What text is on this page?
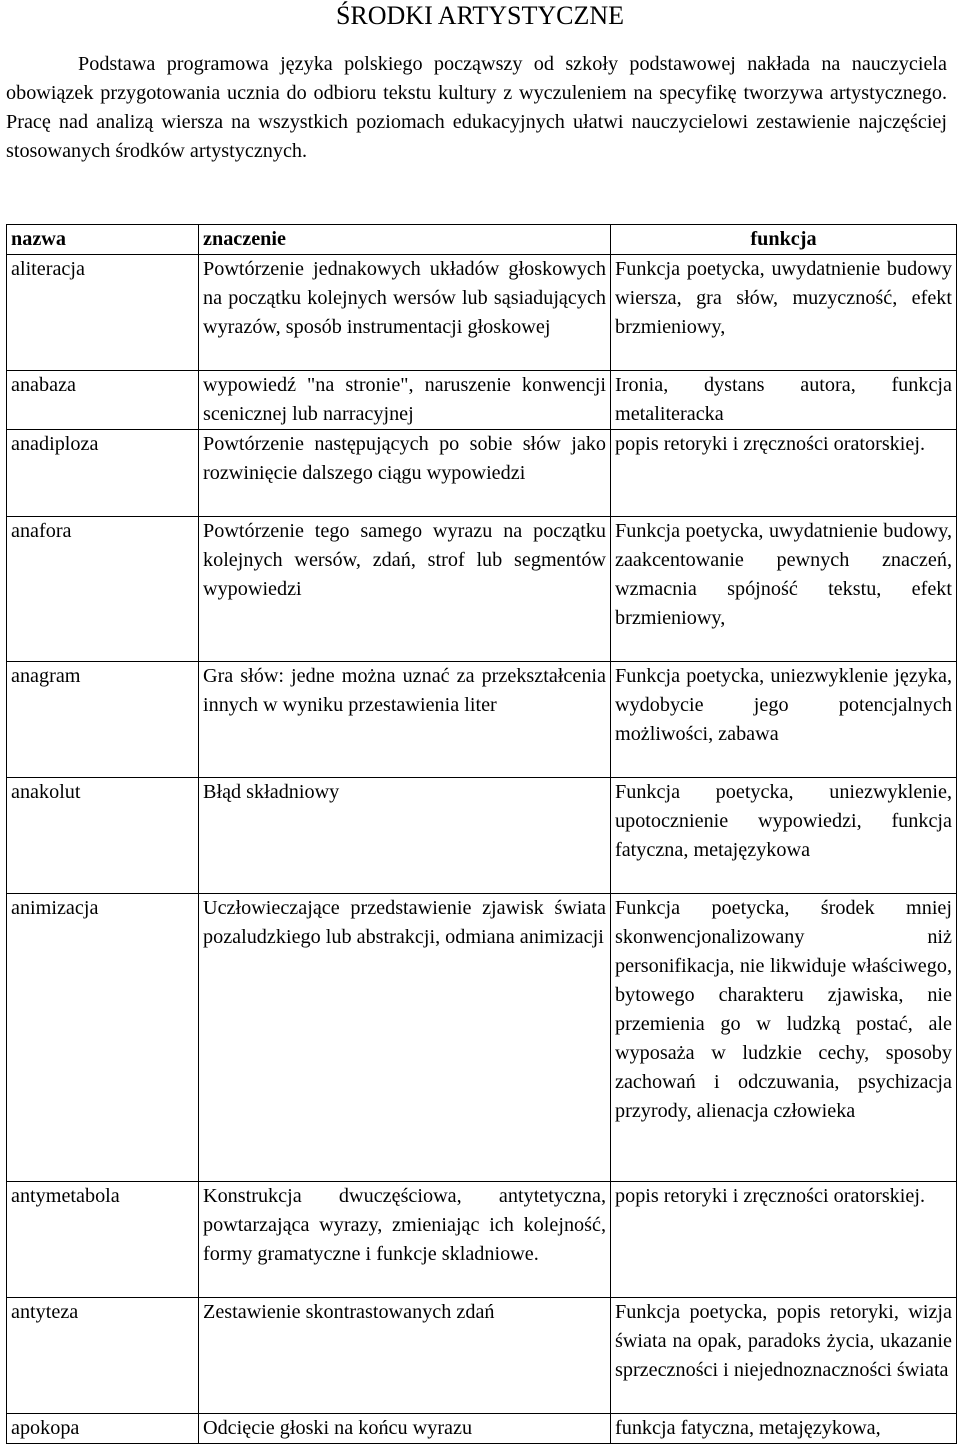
ŚRODKI ARTYSTYCZNE

Podstawa programowa języka polskiego począwszy od szkoły podstawowej nakłada na nauczyciela obowiązek przygotowania ucznia do odbioru tekstu kultury z wyczuleniem na specyfikę tworzywa artystycznego. Pracę nad analizą wiersza na wszystkich poziomach edukacyjnych ułatwi nauczycielowi zestawienie najczęściej stosowanych środków artystycznych.

nazwa	znaczenie	funkcja
aliteracja	Powtórzenie jednakowych układów głoskowych na początku kolejnych wersów lub sąsiadujących wyrazów, sposób instrumentacji głoskowej	Funkcja poetycka, uwydatnienie budowy wiersza, gra słów, muzyczność, efekt brzmieniowy,
anabaza	wypowiedź "na stronie", naruszenie konwencji scenicznej lub narracyjnej	Ironia, dystans autora, funkcja metaliteracka
anadiploza	Powtórzenie następujących po sobie słów jako rozwinięcie dalszego ciągu wypowiedzi	popis retoryki i zręczności oratorskiej.
anafora	Powtórzenie tego samego wyrazu na początku kolejnych wersów, zdań, strof lub segmentów wypowiedzi	Funkcja poetycka, uwydatnienie budowy, zaakcentowanie pewnych znaczeń, wzmacnia spójność tekstu, efekt brzmieniowy,
anagram	Gra słów: jedne można uznać za przekształcenia innych w wyniku przestawienia liter	Funkcja poetycka, uniezwyklenie języka, wydobycie jego potencjalnych możliwości, zabawa
anakolut	Błąd składniowy	Funkcja poetycka, uniezwyklenie, upotocznienie wypowiedzi, funkcja fatyczna, metajęzykowa
animizacja	Uczłowieczające przedstawienie zjawisk świata pozaludzkiego lub abstrakcji, odmiana animizacji	Funkcja poetycka, środek mniej skonwencjonalizowany niż personifikacja, nie likwiduje właściwego, bytowego charakteru zjawiska, nie przemienia go w ludzką postać, ale wyposaża w ludzkie cechy, sposoby zachowań i odczuwania, psychizacja przyrody, alienacja człowieka
antymetabola	Konstrukcja dwuczęściowa, antytetyczna, powtarzająca wyrazy, zmieniając ich kolejność, formy gramatyczne i funkcje skladniowe.	popis retoryki i zręczności oratorskiej.
antyteza	Zestawienie skontrastowanych zdań	Funkcja poetycka, popis retoryki, wizja świata na opak, paradoks życia, ukazanie sprzeczności i niejednoznaczności świata
apokopa	Odcięcie głoski na końcu wyrazu	funkcja fatyczna, metajęzykowa,
